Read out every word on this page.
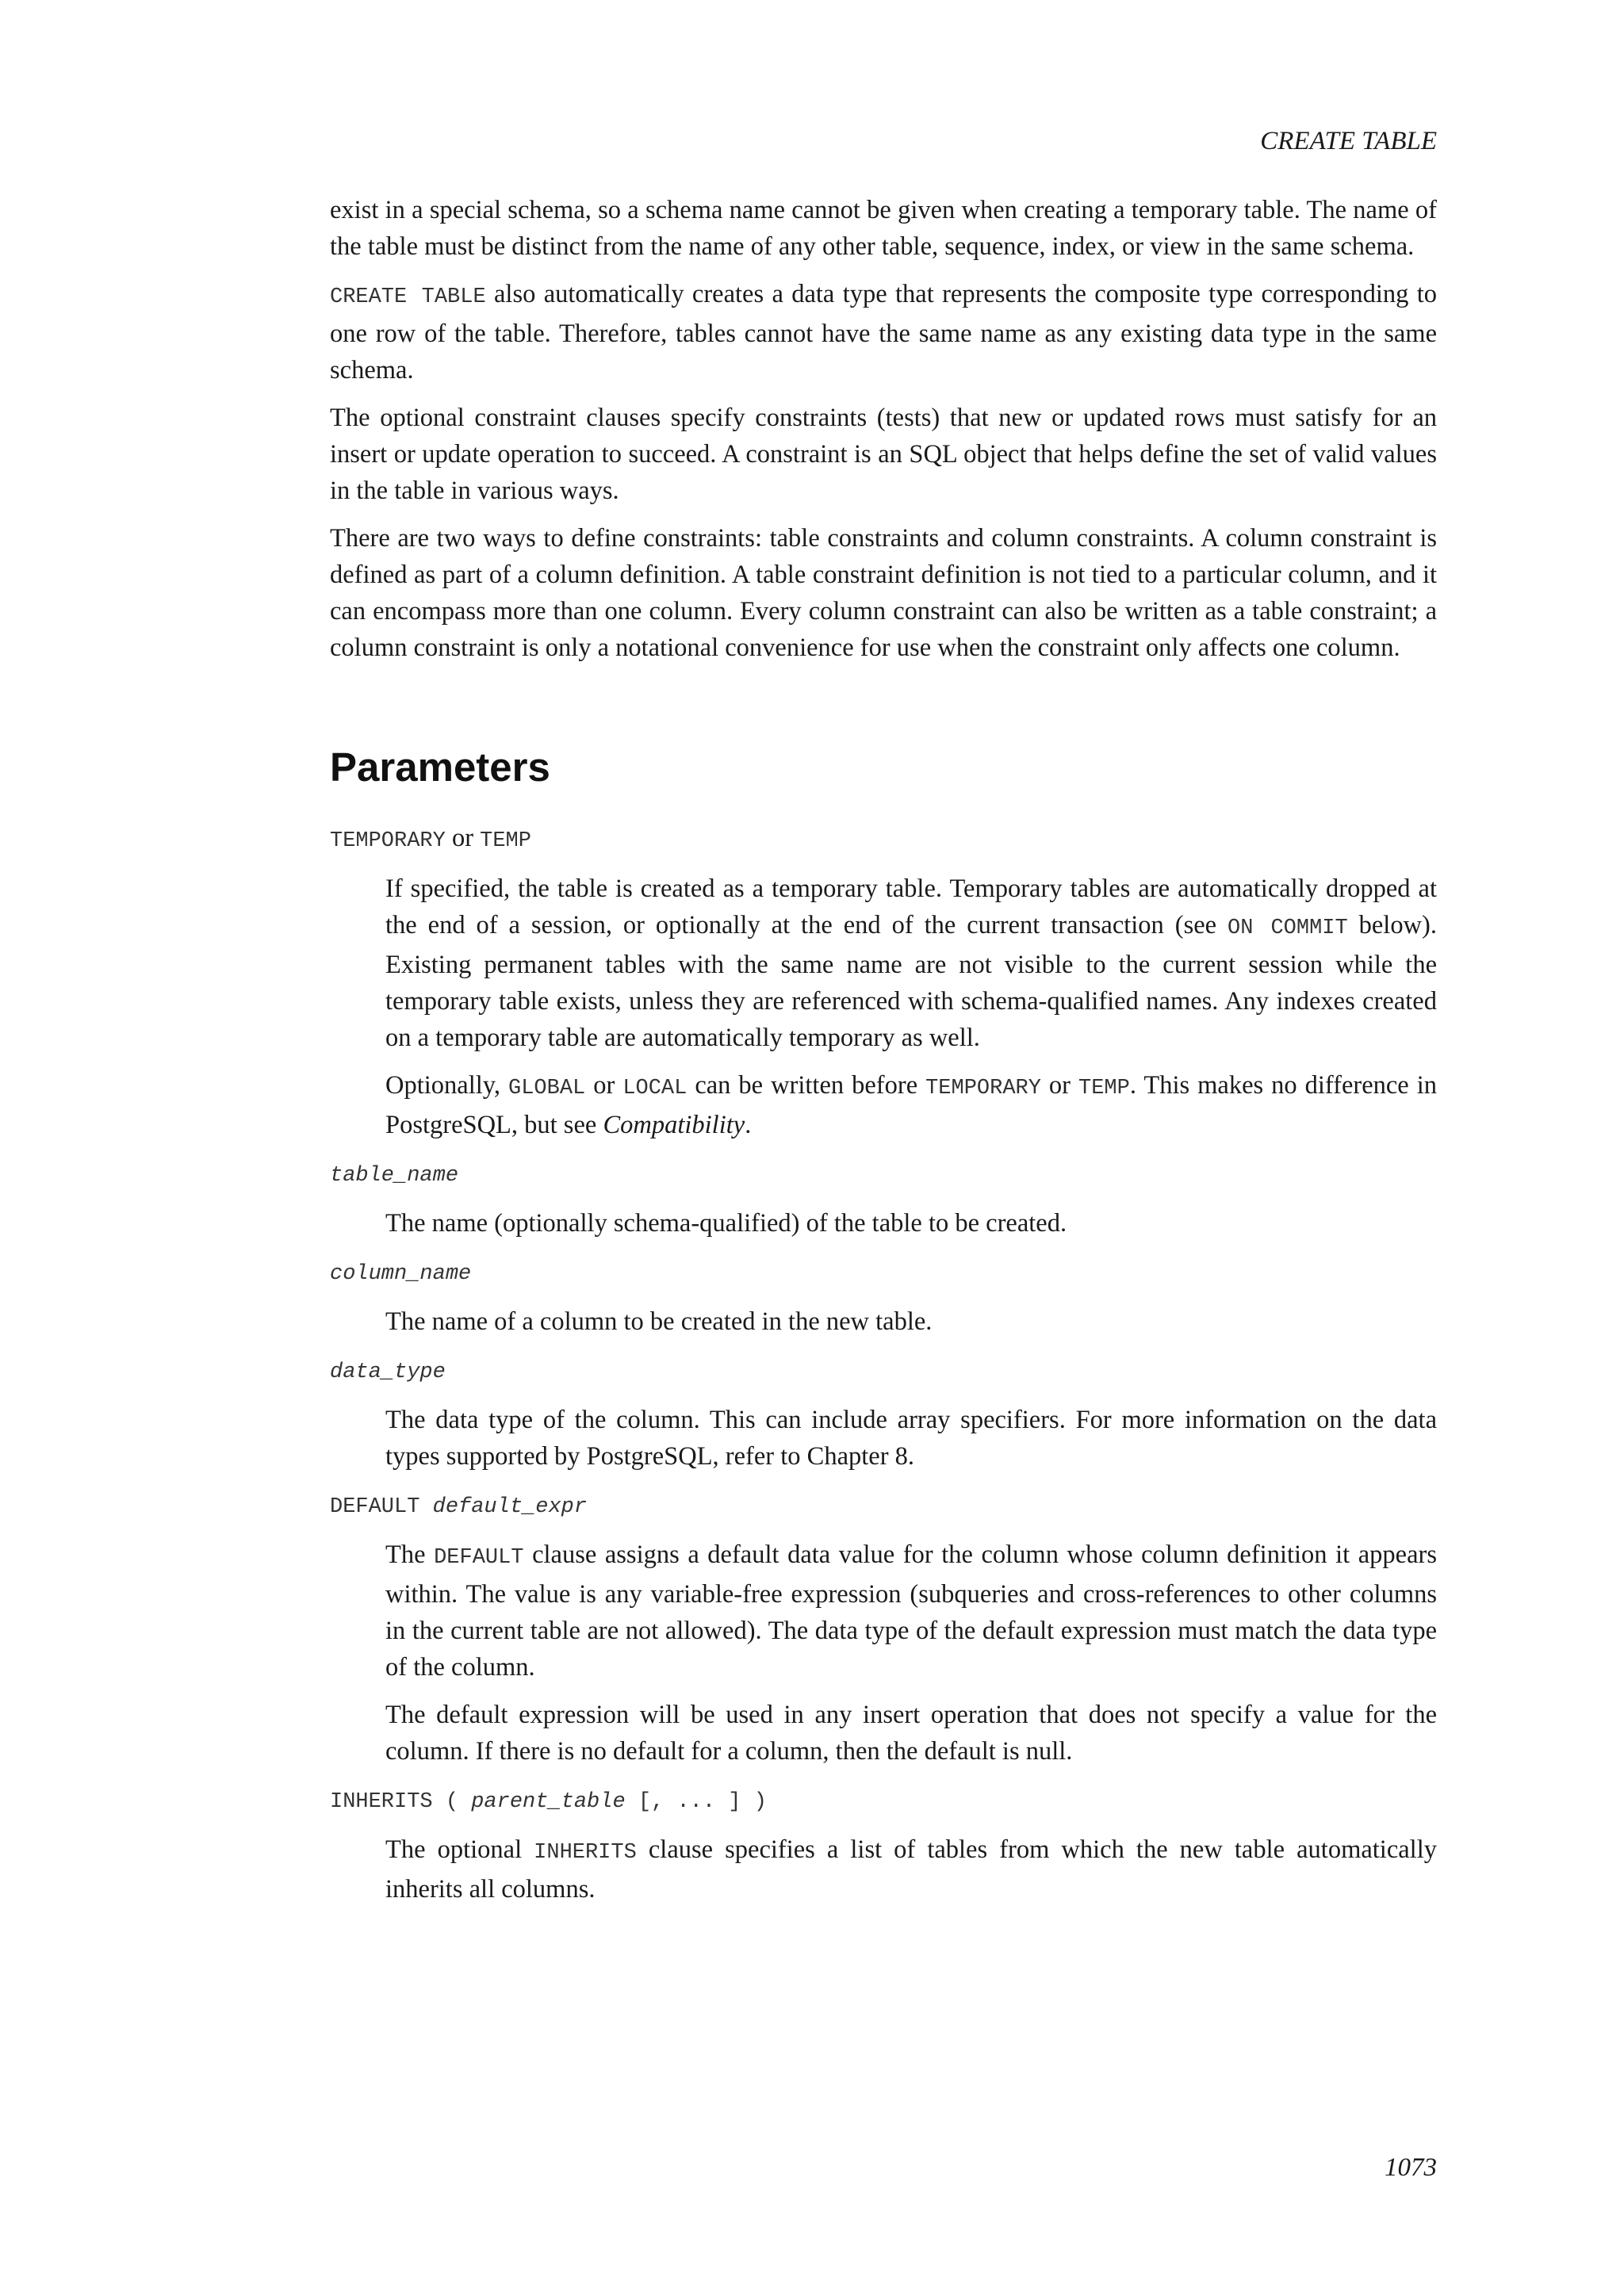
CREATE TABLE

exist in a special schema, so a schema name cannot be given when creating a temporary table. The name of the table must be distinct from the name of any other table, sequence, index, or view in the same schema.

CREATE TABLE also automatically creates a data type that represents the composite type corresponding to one row of the table. Therefore, tables cannot have the same name as any existing data type in the same schema.

The optional constraint clauses specify constraints (tests) that new or updated rows must satisfy for an insert or update operation to succeed. A constraint is an SQL object that helps define the set of valid values in the table in various ways.

There are two ways to define constraints: table constraints and column constraints. A column constraint is defined as part of a column definition. A table constraint definition is not tied to a particular column, and it can encompass more than one column. Every column constraint can also be written as a table constraint; a column constraint is only a notational convenience for use when the constraint only affects one column.

Parameters
TEMPORARY or TEMP

If specified, the table is created as a temporary table. Temporary tables are automatically dropped at the end of a session, or optionally at the end of the current transaction (see ON COMMIT below). Existing permanent tables with the same name are not visible to the current session while the temporary table exists, unless they are referenced with schema-qualified names. Any indexes created on a temporary table are automatically temporary as well.

Optionally, GLOBAL or LOCAL can be written before TEMPORARY or TEMP. This makes no difference in PostgreSQL, but see Compatibility.

table_name

The name (optionally schema-qualified) of the table to be created.

column_name

The name of a column to be created in the new table.

data_type

The data type of the column. This can include array specifiers. For more information on the data types supported by PostgreSQL, refer to Chapter 8.

DEFAULT default_expr

The DEFAULT clause assigns a default data value for the column whose column definition it appears within. The value is any variable-free expression (subqueries and cross-references to other columns in the current table are not allowed). The data type of the default expression must match the data type of the column.

The default expression will be used in any insert operation that does not specify a value for the column. If there is no default for a column, then the default is null.

INHERITS ( parent_table [, ... ] )

The optional INHERITS clause specifies a list of tables from which the new table automatically inherits all columns.

1073
